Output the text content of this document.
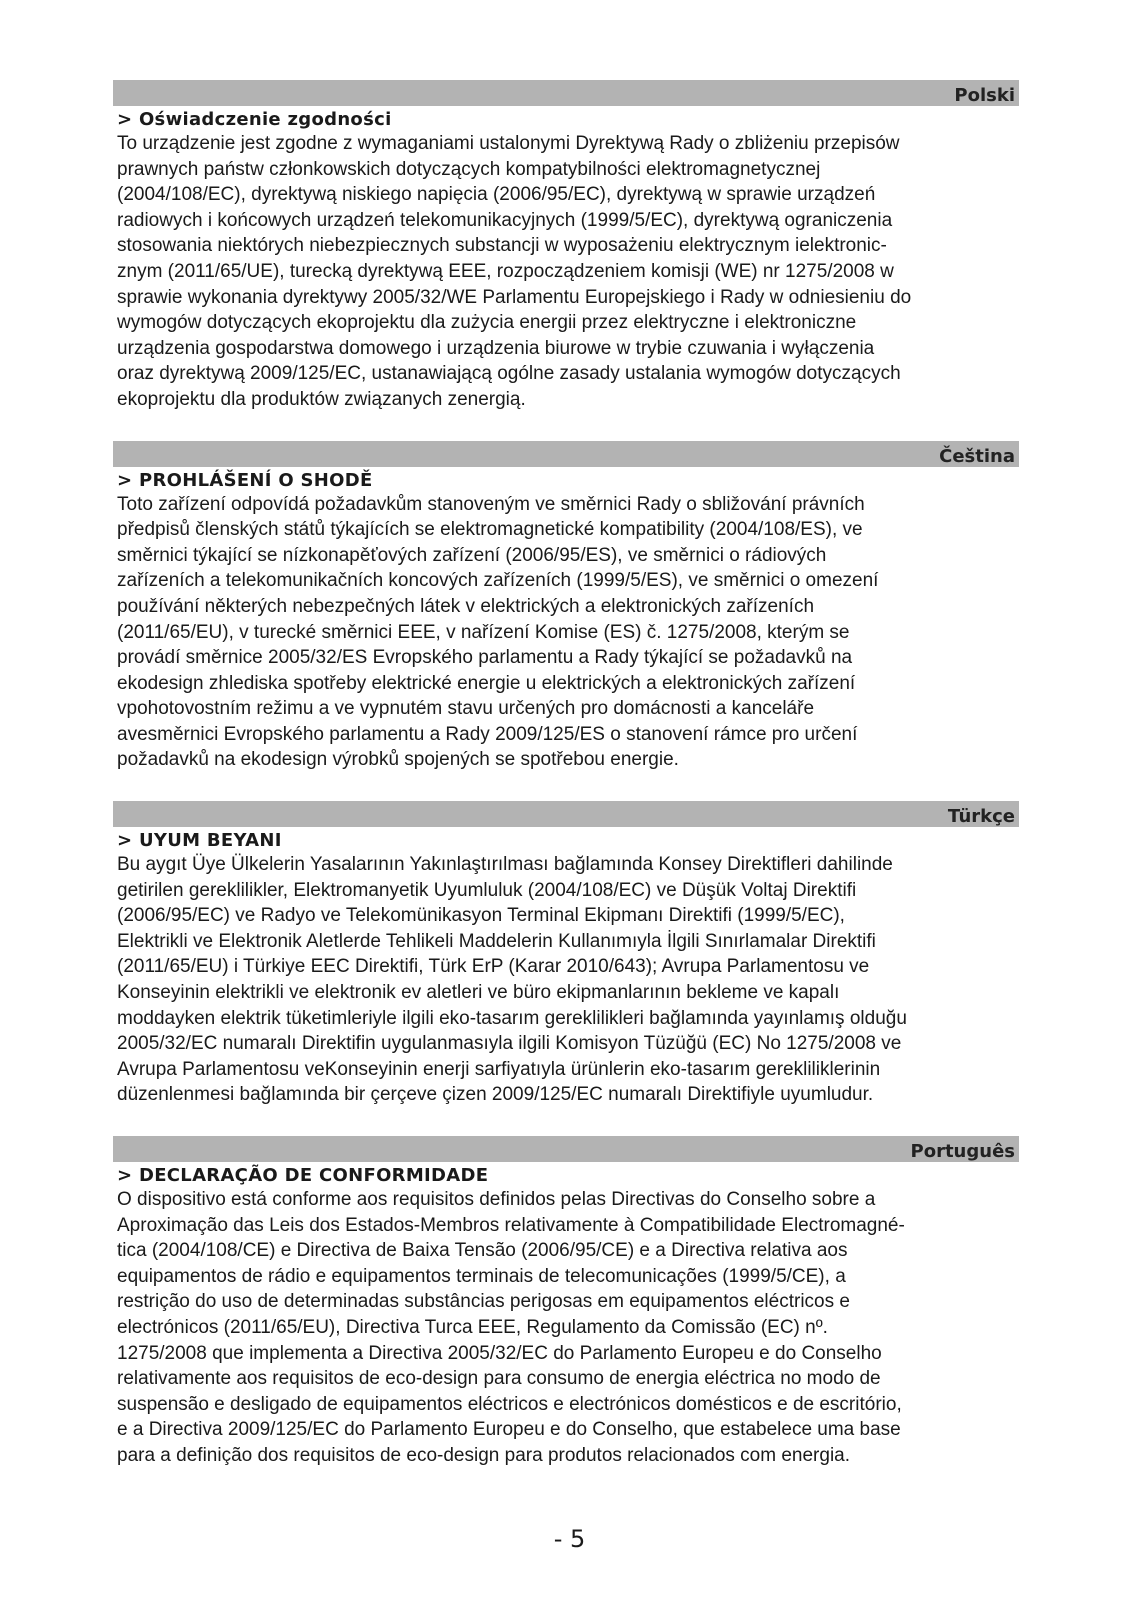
Polski
> Oświadczenie zgodności
To urządzenie jest zgodne z wymaganiami ustalonymi Dyrektywą Rady o zbliżeniu przepisów
prawnych państw członkowskich dotyczących kompatybilności elektromagnetycznej
(2004/108/EC), dyrektywą niskiego napięcia (2006/95/EC), dyrektywą w sprawie urządzeń
radiowych i końcowych urządzeń telekomunikacyjnych (1999/5/EC), dyrektywą ograniczenia
stosowania niektórych niebezpiecznych substancji w wyposażeniu elektrycznym ielektronic-
znym (2011/65/UE), turecką dyrektywą EEE, rozpocządzeniem komisji (WE) nr 1275/2008 w
sprawie wykonania dyrektywy 2005/32/WE Parlamentu Europejskiego i Rady w odniesieniu do
wymogów dotyczących ekoprojektu dla zużycia energii przez elektryczne i elektroniczne
urządzenia gospodarstwa domowego i urządzenia biurowe w trybie czuwania i wyłączenia
oraz dyrektywą 2009/125/EC, ustanawiającą ogólne zasady ustalania wymogów dotyczących
ekoprojektu dla produktów związanych zenergią.
Čeština
> PROHLÁŠENÍ O SHODĚ
Toto zařízení odpovídá požadavkům stanoveným ve směrnici Rady o sbližování právních
předpisů členských států týkajících se elektromagnetické kompatibility (2004/108/ES), ve
směrnici týkající se nízkonapěťových zařízení (2006/95/ES), ve směrnici o rádiových
zařízeních a telekomunikačních koncových zařízeních (1999/5/ES), ve směrnici o omezení
používání některých nebezpečných látek v elektrických a elektronických zařízeních
(2011/65/EU), v turecké směrnici EEE, v nařízení Komise (ES) č. 1275/2008, kterým se
provádí směrnice 2005/32/ES Evropského parlamentu a Rady týkající se požadavků na
ekodesign zhlediska spotřeby elektrické energie u elektrických a elektronických zařízení
vpohotovostním režimu a ve vypnutém stavu určených pro domácnosti a kanceláře
avesměrnici Evropského parlamentu a Rady 2009/125/ES o stanovení rámce pro určení
požadavků na ekodesign výrobků spojených se spotřebou energie.
Türkçe
> UYUM BEYANI
Bu aygıt Üye Ülkelerin Yasalarının Yakınlaştırılması bağlamında Konsey Direktifleri dahilinde
getirilen gereklilikler, Elektromanyetik Uyumluluk (2004/108/EC) ve Düşük Voltaj Direktifi
(2006/95/EC) ve Radyo ve Telekomünikasyon Terminal Ekipmanı Direktifi (1999/5/EC),
Elektrikli ve Elektronik Aletlerde Tehlikeli Maddelerin Kullanımıyla İlgili Sınırlamalar Direktifi
(2011/65/EU) i Türkiye EEC Direktifi, Türk ErP (Karar 2010/643); Avrupa Parlamentosu ve
Konseyinin elektrikli ve elektronik ev aletleri ve büro ekipmanlarının bekleme ve kapalı
moddayken elektrik tüketimleriyle ilgili eko-tasarım gereklilikleri bağlamında yayınlamış olduğu
2005/32/EC numaralı Direktifin uygulanmasıyla ilgili Komisyon Tüzüğü (EC) No 1275/2008 ve
Avrupa Parlamentosu veKonseyinin enerji sarfiyatıyla ürünlerin eko-tasarım gerekliliklerinin
düzenlenmesi bağlamında bir çerçeve çizen 2009/125/EC numaralı Direktifiyle uyumludur.
Português
> DECLARAÇÃO DE CONFORMIDADE
O dispositivo está conforme aos requisitos definidos pelas Directivas do Conselho sobre a
Aproximação das Leis dos Estados-Membros relativamente à Compatibilidade Electromagné-
tica (2004/108/CE) e Directiva de Baixa Tensão (2006/95/CE) e a Directiva relativa aos
equipamentos de rádio e equipamentos terminais de telecomunicações (1999/5/CE), a
restrição do uso de determinadas substâncias perigosas em equipamentos eléctricos e
electrónicos (2011/65/EU), Directiva Turca EEE, Regulamento da Comissão (EC) nº.
1275/2008 que implementa a Directiva 2005/32/EC do Parlamento Europeu e do Conselho
relativamente aos requisitos de eco-design para consumo de energia eléctrica no modo de
suspensão e desligado de equipamentos eléctricos e electrónicos domésticos e de escritório,
e a Directiva 2009/125/EC do Parlamento Europeu e do Conselho, que estabelece uma base
para a definição dos requisitos de eco-design para produtos relacionados com energia.
- 5
